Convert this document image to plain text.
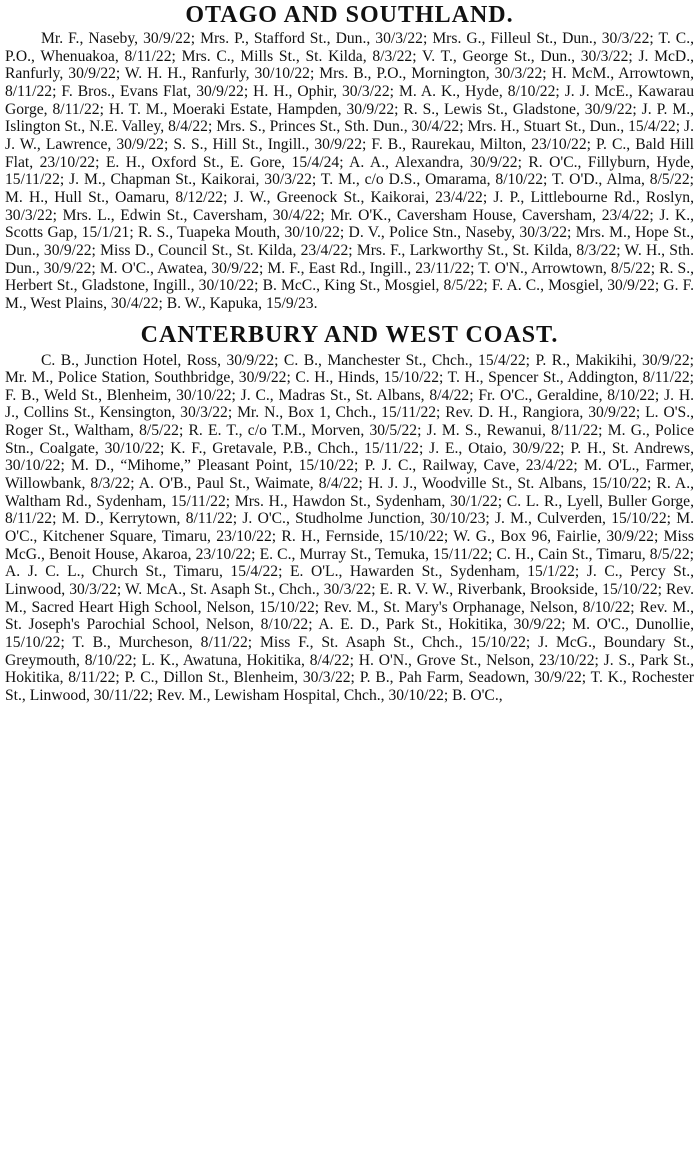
OTAGO AND SOUTHLAND.

Mr. F., Naseby, 30/9/22; Mrs. P., Stafford St., Dun., 30/3/22; Mrs. G., Filleul St., Dun., 30/3/22; T. C., P.O., Whenuakoa, 8/11/22; Mrs. C., Mills St., St. Kilda, 8/3/22; V. T., George St., Dun., 30/3/22; J. McD., Ranfurly, 30/9/22; W. H. H., Ranfurly, 30/10/22; Mrs. B., P.O., Mornington, 30/3/22; H. McM., Arrowtown, 8/11/22; F. Bros., Evans Flat, 30/9/22; H. H., Ophir, 30/3/22; M. A. K., Hyde, 8/10/22; J. J. McE., Kawarau Gorge, 8/11/22; H. T. M., Moeraki Estate, Hampden, 30/9/22; R. S., Lewis St., Gladstone, 30/9/22; J. P. M., Islington St., N.E. Valley, 8/4/22; Mrs. S., Princes St., Sth. Dun., 30/4/22; Mrs. H., Stuart St., Dun., 15/4/22; J. J. W., Lawrence, 30/9/22; S. S., Hill St., Ingill., 30/9/22; F. B., Raurekau, Milton, 23/10/22; P. C., Bald Hill Flat, 23/10/22; E. H., Oxford St., E. Gore, 15/4/24; A. A., Alexandra, 30/9/22; R. O'C., Fillyburn, Hyde, 15/11/22; J. M., Chapman St., Kaikorai, 30/3/22; T. M., c/o D.S., Omarama, 8/10/22; T. O'D., Alma, 8/5/22; M. H., Hull St., Oamaru, 8/12/22; J. W., Greenock St., Kaikorai, 23/4/22; J. P., Littlebourne Rd., Roslyn, 30/3/22; Mrs. L., Edwin St., Caversham, 30/4/22; Mr. O'K., Caversham House, Caversham, 23/4/22; J. K., Scotts Gap, 15/1/21; R. S., Tuapeka Mouth, 30/10/22; D. V., Police Stn., Naseby, 30/3/22; Mrs. M., Hope St., Dun., 30/9/22; Miss D., Council St., St. Kilda, 23/4/22; Mrs. F., Larkworthy St., St. Kilda, 8/3/22; W. H., Sth. Dun., 30/9/22; M. O'C., Awatea, 30/9/22; M. F., East Rd., Ingill., 23/11/22; T. O'N., Arrowtown, 8/5/22; R. S., Herbert St., Gladstone, Ingill., 30/10/22; B. McC., King St., Mosgiel, 8/5/22; F. A. C., Mosgiel, 30/9/22; G. F. M., West Plains, 30/4/22; B. W., Kapuka, 15/9/23.

CANTERBURY AND WEST COAST.

C. B., Junction Hotel, Ross, 30/9/22; C. B., Manchester St., Chch., 15/4/22; P. R., Makikihi, 30/9/22; Mr. M., Police Station, Southbridge, 30/9/22; C. H., Hinds, 15/10/22; T. H., Spencer St., Addington, 8/11/22; F. B., Weld St., Blenheim, 30/10/22; J. C., Madras St., St. Albans, 8/4/22; Fr. O'C., Geraldine, 8/10/22; J. H. J., Collins St., Kensington, 30/3/22; Mr. N., Box 1, Chch., 15/11/22; Rev. D. H., Rangiora, 30/9/22; L. O'S., Roger St., Waltham, 8/5/22; R. E. T., c/o T.M., Morven, 30/5/22; J. M. S., Rewanui, 8/11/22; M. G., Police Stn., Coalgate, 30/10/22; K. F., Gretavale, P.B., Chch., 15/11/22; J. E., Otaio, 30/9/22; P. H., St. Andrews, 30/10/22; M. D., “Mihome,” Pleasant Point, 15/10/22; P. J. C., Railway, Cave, 23/4/22; M. O'L., Farmer, Willowbank, 8/3/22; A. O'B., Paul St., Waimate, 8/4/22; H. J. J., Woodville St., St. Albans, 15/10/22; R. A., Waltham Rd., Sydenham, 15/11/22; Mrs. H., Hawdon St., Sydenham, 30/1/22; C. L. R., Lyell, Buller Gorge, 8/11/22; M. D., Kerrytown, 8/11/22; J. O'C., Studholme Junction, 30/10/23; J. M., Culverden, 15/10/22; M. O'C., Kitchener Square, Timaru, 23/10/22; R. H., Fernside, 15/10/22; W. G., Box 96, Fairlie, 30/9/22; Miss McG., Benoit House, Akaroa, 23/10/22; E. C., Murray St., Temuka, 15/11/22; C. H., Cain St., Timaru, 8/5/22; A. J. C. L., Church St., Timaru, 15/4/22; E. O'L., Hawarden St., Sydenham, 15/1/22; J. C., Percy St., Linwood, 30/3/22; W. McA., St. Asaph St., Chch., 30/3/22; E. R. V. W., Riverbank, Brookside, 15/10/22; Rev. M., Sacred Heart High School, Nelson, 15/10/22; Rev. M., St. Mary's Orphanage, Nelson, 8/10/22; Rev. M., St. Joseph's Parochial School, Nelson, 8/10/22; A. E. D., Park St., Hokitika, 30/9/22; M. O'C., Dunollie, 15/10/22; T. B., Murcheson, 8/11/22; Miss F., St. Asaph St., Chch., 15/10/22; J. McG., Boundary St., Greymouth, 8/10/22; L. K., Awatuna, Hokitika, 8/4/22; H. O'N., Grove St., Nelson, 23/10/22; J. S., Park St., Hokitika, 8/11/22; P. C., Dillon St., Blenheim, 30/3/22; P. B., Pah Farm, Seadown, 30/9/22; T. K., Rochester St., Linwood, 30/11/22; Rev. M., Lewisham Hospital, Chch., 30/10/22; B. O'C.,
